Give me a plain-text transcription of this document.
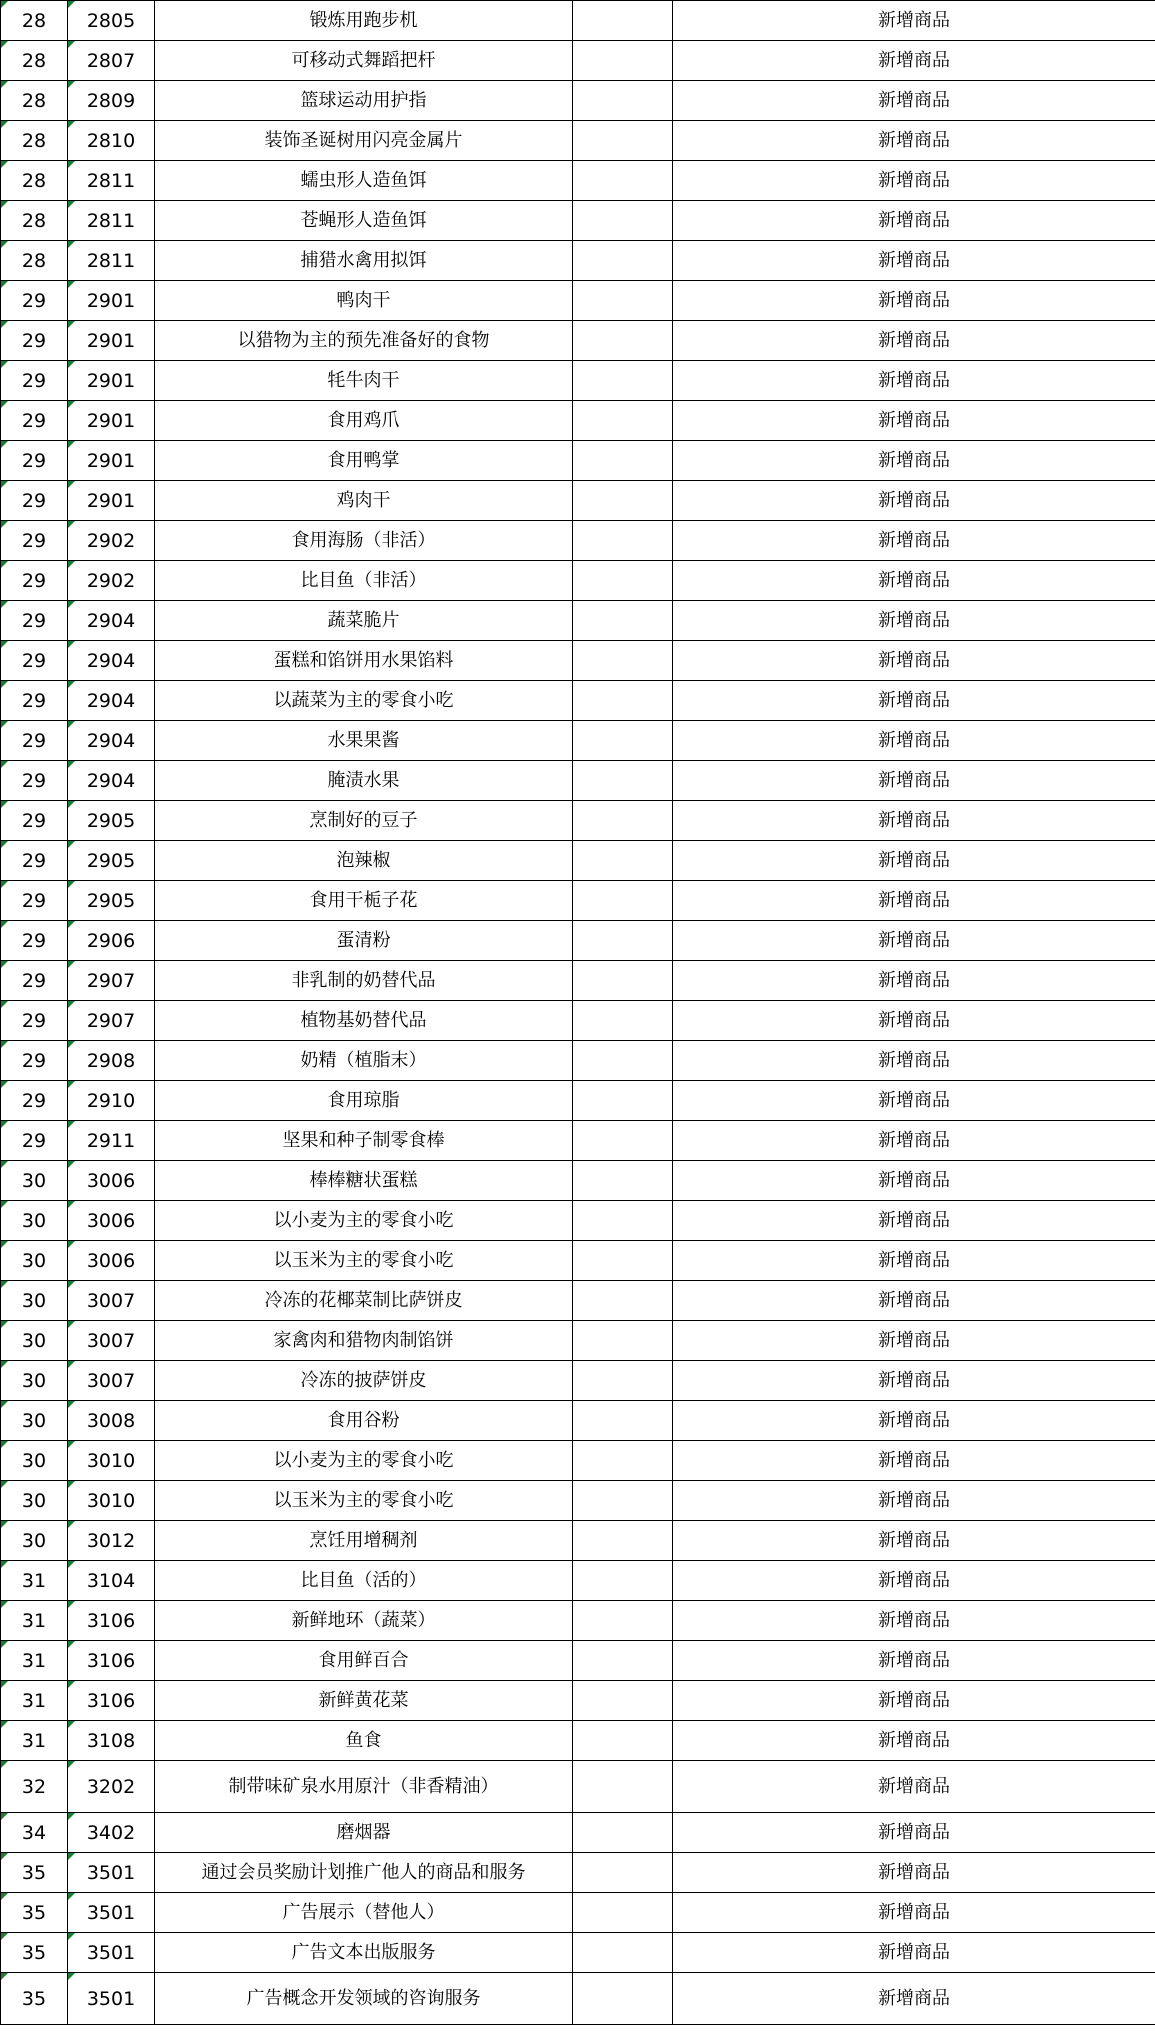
28	2805	锻炼用跑步机		新增商品

28	2807	可移动式舞蹈把杆		新增商品

28	2809	篮球运动用护指		新增商品

28	2810	装饰圣诞树用闪亮金属片		新增商品

28	2811	蠕虫形人造鱼饵		新增商品

28	2811	苍蝇形人造鱼饵		新增商品

28	2811	捕猎水禽用拟饵		新增商品

29	2901	鸭肉干		新增商品

29	2901	以猎物为主的预先准备好的食物		新增商品

29	2901	牦牛肉干		新增商品

29	2901	食用鸡爪		新增商品

29	2901	食用鸭掌		新增商品

29	2901	鸡肉干		新增商品

29	2902	食用海肠（非活）		新增商品

29	2902	比目鱼（非活）		新增商品

29	2904	蔬菜脆片		新增商品

29	2904	蛋糕和馅饼用水果馅料		新增商品

29	2904	以蔬菜为主的零食小吃		新增商品

29	2904	水果果酱		新增商品

29	2904	腌渍水果		新增商品

29	2905	烹制好的豆子		新增商品

29	2905	泡辣椒		新增商品

29	2905	食用干栀子花		新增商品

29	2906	蛋清粉		新增商品

29	2907	非乳制的奶替代品		新增商品

29	2907	植物基奶替代品		新增商品

29	2908	奶精（植脂末）		新增商品

29	2910	食用琼脂		新增商品

29	2911	坚果和种子制零食棒		新增商品

30	3006	棒棒糖状蛋糕		新增商品

30	3006	以小麦为主的零食小吃		新增商品

30	3006	以玉米为主的零食小吃		新增商品

30	3007	冷冻的花椰菜制比萨饼皮		新增商品

30	3007	家禽肉和猎物肉制馅饼		新增商品

30	3007	冷冻的披萨饼皮		新增商品

30	3008	食用谷粉		新增商品

30	3010	以小麦为主的零食小吃		新增商品

30	3010	以玉米为主的零食小吃		新增商品

30	3012	烹饪用增稠剂		新增商品

31	3104	比目鱼（活的）		新增商品

31	3106	新鲜地环（蔬菜）		新增商品

31	3106	食用鲜百合		新增商品

31	3106	新鲜黄花菜		新增商品

31	3108	鱼食		新增商品

32	3202	制带味矿泉水用原汁（非香精油）		新增商品

34	3402	磨烟器		新增商品

35	3501	通过会员奖励计划推广他人的商品和服务		新增商品

35	3501	广告展示（替他人）		新增商品

35	3501	广告文本出版服务		新增商品

35	3501	广告概念开发领域的咨询服务		新增商品
